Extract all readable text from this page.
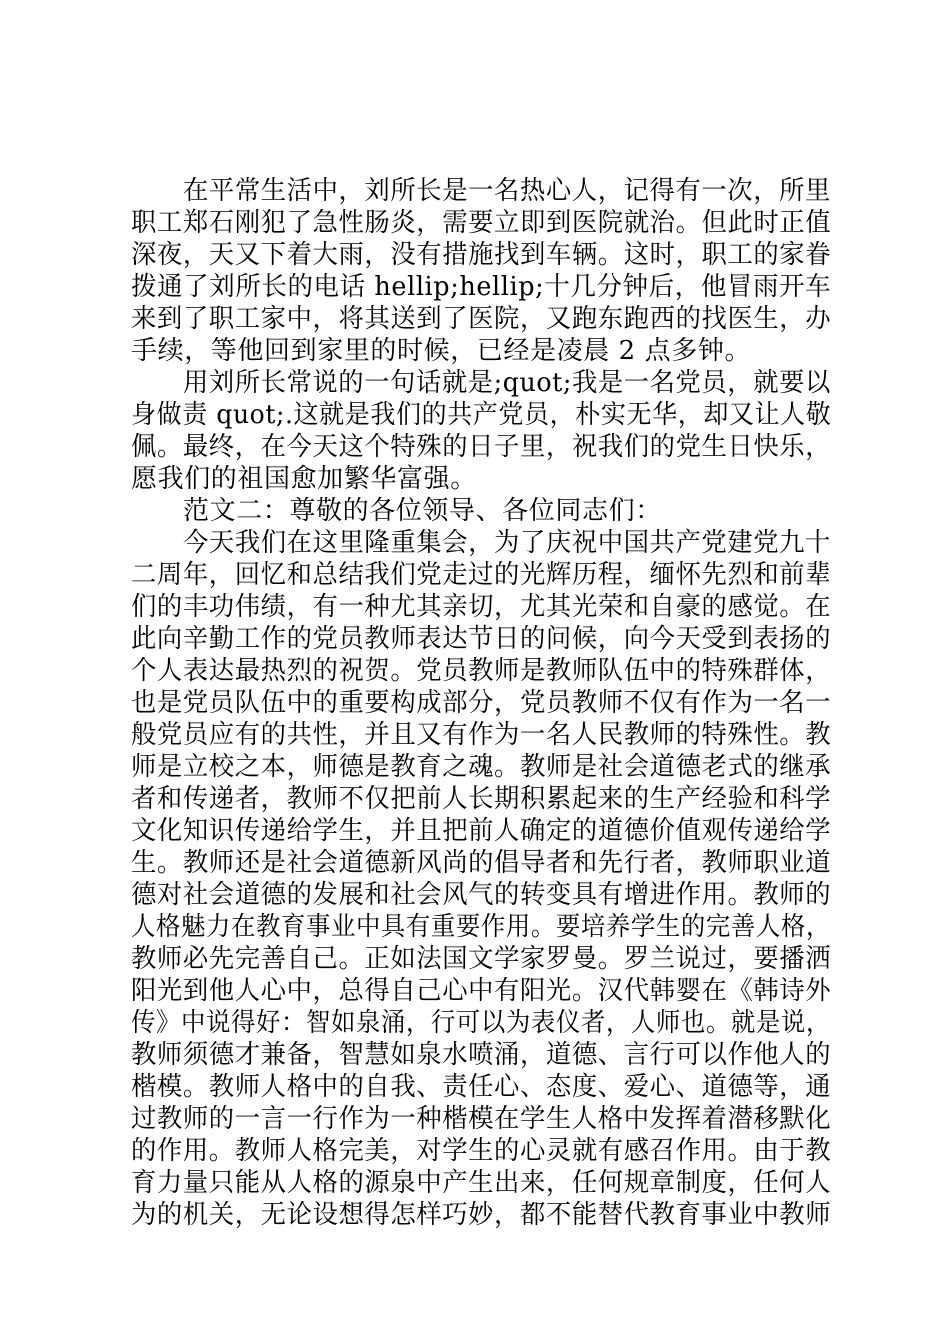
在平常生活中，刘所长是一名热心人，记得有一次，所里
职工郑石刚犯了急性肠炎，需要立即到医院就治。但此时正值
深夜，天又下着大雨，没有措施找到车辆。这时，职工的家眷
拨通了刘所长的电话 hellip;hellip;十几分钟后，他冒雨开车
来到了职工家中，将其送到了医院，又跑东跑西的找医生，办
手续，等他回到家里的时候，已经是凌晨 2 点多钟。
用刘所长常说的一句话就是;quot;我是一名党员，就要以
身做责 quot;.这就是我们的共产党员，朴实无华，却又让人敬
佩。最终，在今天这个特殊的日子里，祝我们的党生日快乐，
愿我们的祖国愈加繁华富强。
范文二：尊敬的各位领导、各位同志们：
今天我们在这里隆重集会，为了庆祝中国共产党建党九十
二周年，回忆和总结我们党走过的光辉历程，缅怀先烈和前辈
们的丰功伟绩，有一种尤其亲切，尤其光荣和自豪的感觉。在
此向辛勤工作的党员教师表达节日的问候，向今天受到表扬的
个人表达最热烈的祝贺。党员教师是教师队伍中的特殊群体，
也是党员队伍中的重要构成部分，党员教师不仅有作为一名一
般党员应有的共性，并且又有作为一名人民教师的特殊性。教
师是立校之本，师德是教育之魂。教师是社会道德老式的继承
者和传递者，教师不仅把前人长期积累起来的生产经验和科学
文化知识传递给学生，并且把前人确定的道德价值观传递给学
生。教师还是社会道德新风尚的倡导者和先行者，教师职业道
德对社会道德的发展和社会风气的转变具有增进作用。教师的
人格魅力在教育事业中具有重要作用。要培养学生的完善人格，
教师必先完善自己。正如法国文学家罗曼。罗兰说过，要播洒
阳光到他人心中，总得自己心中有阳光。汉代韩婴在《韩诗外
传》中说得好：智如泉涌，行可以为表仪者，人师也。就是说，
教师须德才兼备，智慧如泉水喷涌，道德、言行可以作他人的
楷模。教师人格中的自我、责任心、态度、爱心、道德等，通
过教师的一言一行作为一种楷模在学生人格中发挥着潜移默化
的作用。教师人格完美，对学生的心灵就有感召作用。由于教
育力量只能从人格的源泉中产生出来，任何规章制度，任何人
为的机关，无论设想得怎样巧妙，都不能替代教育事业中教师
